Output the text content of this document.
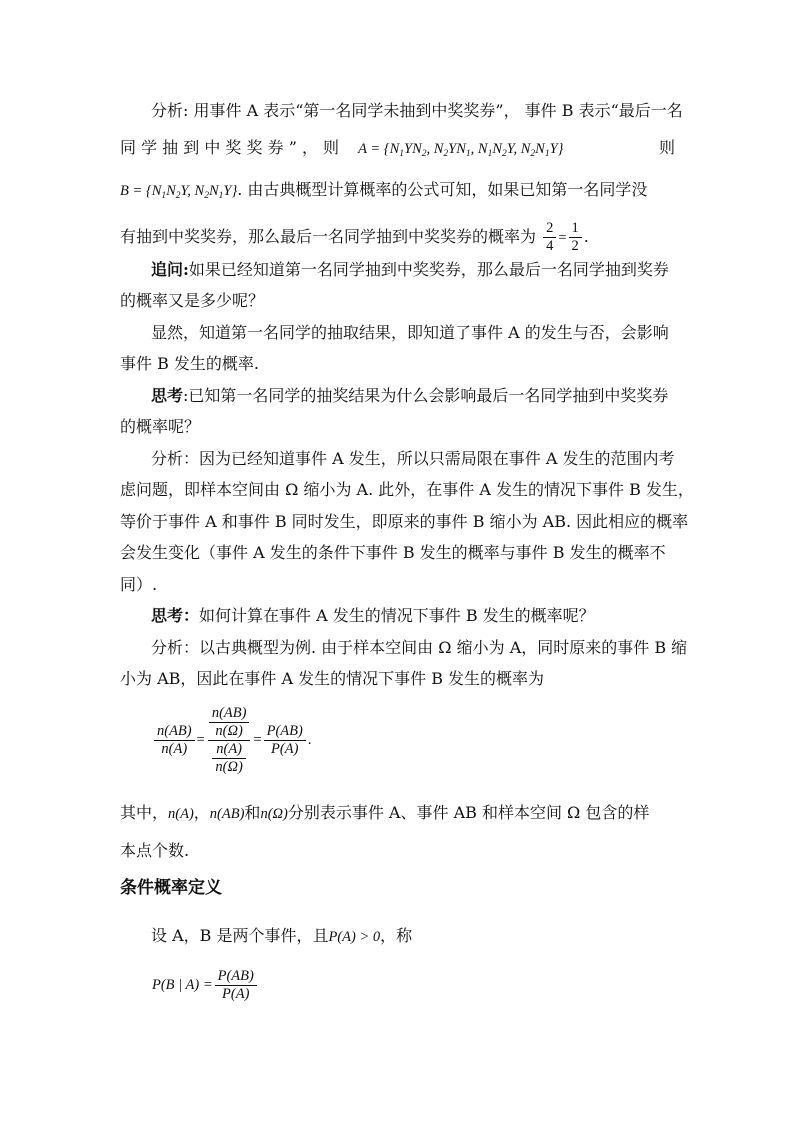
分析: 用事件 A 表示“第一名同学未抽到中奖奖券”， 事件 B 表示“最后一名
同 学 抽 到 中 奖 奖 券 ” ， 则 $A = \{N_1YN_2$, $N_2YN_1$, $N_1N_2Y$, $N_2N_1Y$}	则
$B = \{N_1N_2Y$, $N_2N_1Y$}. 由古典概型计算概率的公式可知，如果已知第一名同学没
有抽到中奖奖券，那么最后一名同学抽到中奖奖券的概率为 $\frac{2}{4} = \frac{1}{2}$ .
追问:如果已经知道第一名同学抽到中奖奖券，那么最后一名同学抽到奖券
的概率又是多少呢？
显然，知道第一名同学的抽取结果，即知道了事件 A 的发生与否，会影响
事件 B 发生的概率.
思考:已知第一名同学的抽奖结果为什么会影响最后一名同学抽到中奖奖券
的概率呢？
分析：因为已经知道事件 A 发生，所以只需局限在事件 A 发生的范围内考
虑问题，即样本空间由 Ω 缩小为 A. 此外，在事件 A 发生的情况下事件 B 发生，
等价于事件 A 和事件 B 同时发生，即原来的事件 B 缩小为 AB. 因此相应的概率
会发生变化（事件 A 发生的条件下事件 B 发生的概率与事件 B 发生的概率不
同）.
思考：如何计算在事件 A 发生的情况下事件 B 发生的概率呢？
分析：以古典概型为例. 由于样本空间由 Ω 缩小为 A，同时原来的事件 B 缩
小为 AB，因此在事件 A 发生的情况下事件 B 发生的概率为
$\frac{n(AB)}{n(A)} = \frac{\frac{n(AB)}{n(\Omega)}}{\frac{n(A)}{n(\Omega)}} = \frac{P(AB)}{P(A)}$ .
其中，n(A)，n(AB)和n(Ω)分别表示事件 A、事件 AB 和样本空间 Ω 包含的样
本点个数.
条件概率定义
设 A，B 是两个事件，且P(A) > 0，称
P(B | $A) = \frac{P(AB)}{P(A)}$
